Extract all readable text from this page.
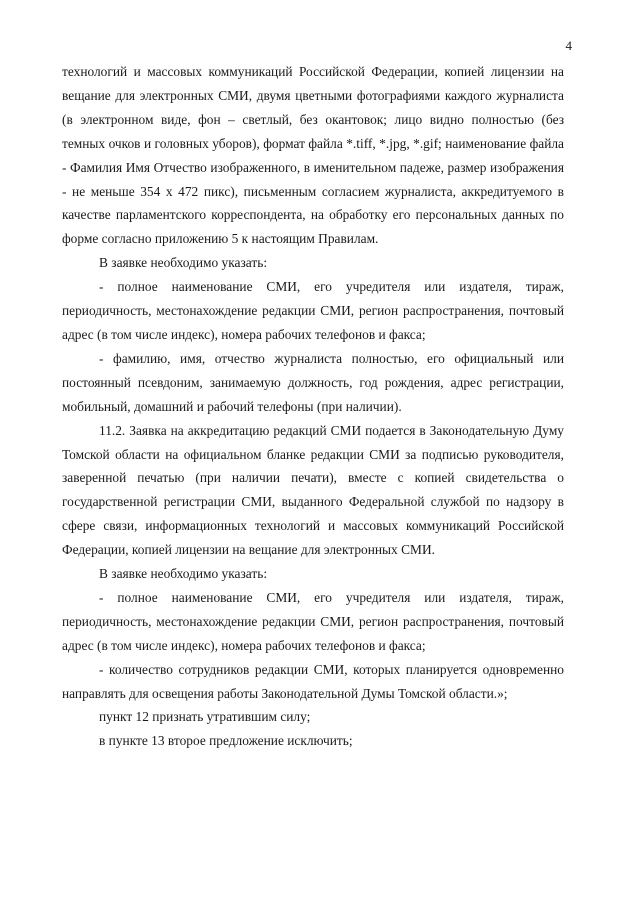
4

технологий и массовых коммуникаций Российской Федерации, копией лицензии на вещание для электронных СМИ, двумя цветными фотографиями каждого журналиста (в электронном виде, фон – светлый, без окантовок; лицо видно полностью (без темных очков и головных уборов), формат файла *.tiff, *.jpg, *.gif; наименование файла - Фамилия Имя Отчество изображенного, в именительном падеже, размер изображения - не меньше 354 х 472 пикс), письменным согласием журналиста, аккредитуемого в качестве парламентского корреспондента, на обработку его персональных данных по форме согласно приложению 5 к настоящим Правилам.

В заявке необходимо указать:

- полное наименование СМИ, его учредителя или издателя, тираж, периодичность, местонахождение редакции СМИ, регион распространения, почтовый адрес (в том числе индекс), номера рабочих телефонов и факса;

- фамилию, имя, отчество журналиста полностью, его официальный или постоянный псевдоним, занимаемую должность, год рождения, адрес регистрации, мобильный, домашний и рабочий телефоны (при наличии).

11.2. Заявка на аккредитацию редакций СМИ подается в Законодательную Думу Томской области на официальном бланке редакции СМИ за подписью руководителя, заверенной печатью (при наличии печати), вместе с копией свидетельства о государственной регистрации СМИ, выданного Федеральной службой по надзору в сфере связи, информационных технологий и массовых коммуникаций Российской Федерации, копией лицензии на вещание для электронных СМИ.

В заявке необходимо указать:

- полное наименование СМИ, его учредителя или издателя, тираж, периодичность, местонахождение редакции СМИ, регион распространения, почтовый адрес (в том числе индекс), номера рабочих телефонов и факса;

- количество сотрудников редакции СМИ, которых планируется одновременно направлять для освещения работы Законодательной Думы Томской области.»;

пункт 12 признать утратившим силу;

в пункте 13 второе предложение исключить;
